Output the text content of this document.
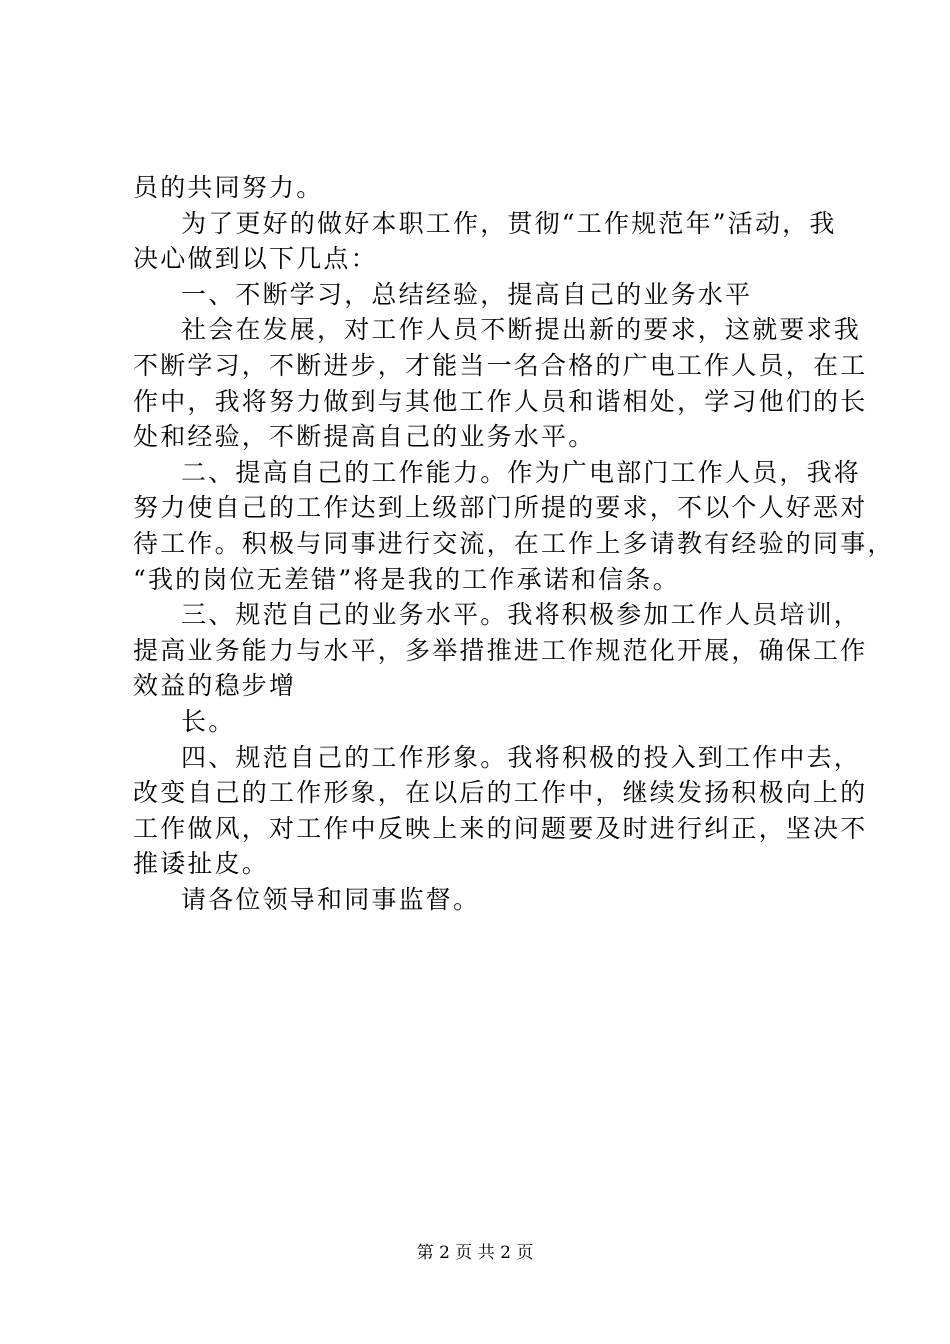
员的共同努力。
为了更好的做好本职工作，贯彻“工作规范年”活动，我
决心做到以下几点：
一、不断学习，总结经验，提高自己的业务水平
社会在发展，对工作人员不断提出新的要求，这就要求我
不断学习，不断进步，才能当一名合格的广电工作人员，在工
作中，我将努力做到与其他工作人员和谐相处，学习他们的长
处和经验，不断提高自己的业务水平。
二、提高自己的工作能力。作为广电部门工作人员，我将
努力使自己的工作达到上级部门所提的要求，不以个人好恶对
待工作。积极与同事进行交流，在工作上多请教有经验的同事，
“我的岗位无差错”将是我的工作承诺和信条。
三、规范自己的业务水平。我将积极参加工作人员培训，
提高业务能力与水平，多举措推进工作规范化开展，确保工作
效益的稳步增
长。
四、规范自己的工作形象。我将积极的投入到工作中去，
改变自己的工作形象，在以后的工作中，继续发扬积极向上的
工作做风，对工作中反映上来的问题要及时进行纠正，坚决不
推诿扯皮。
请各位领导和同事监督。
第 2 页 共 2 页
